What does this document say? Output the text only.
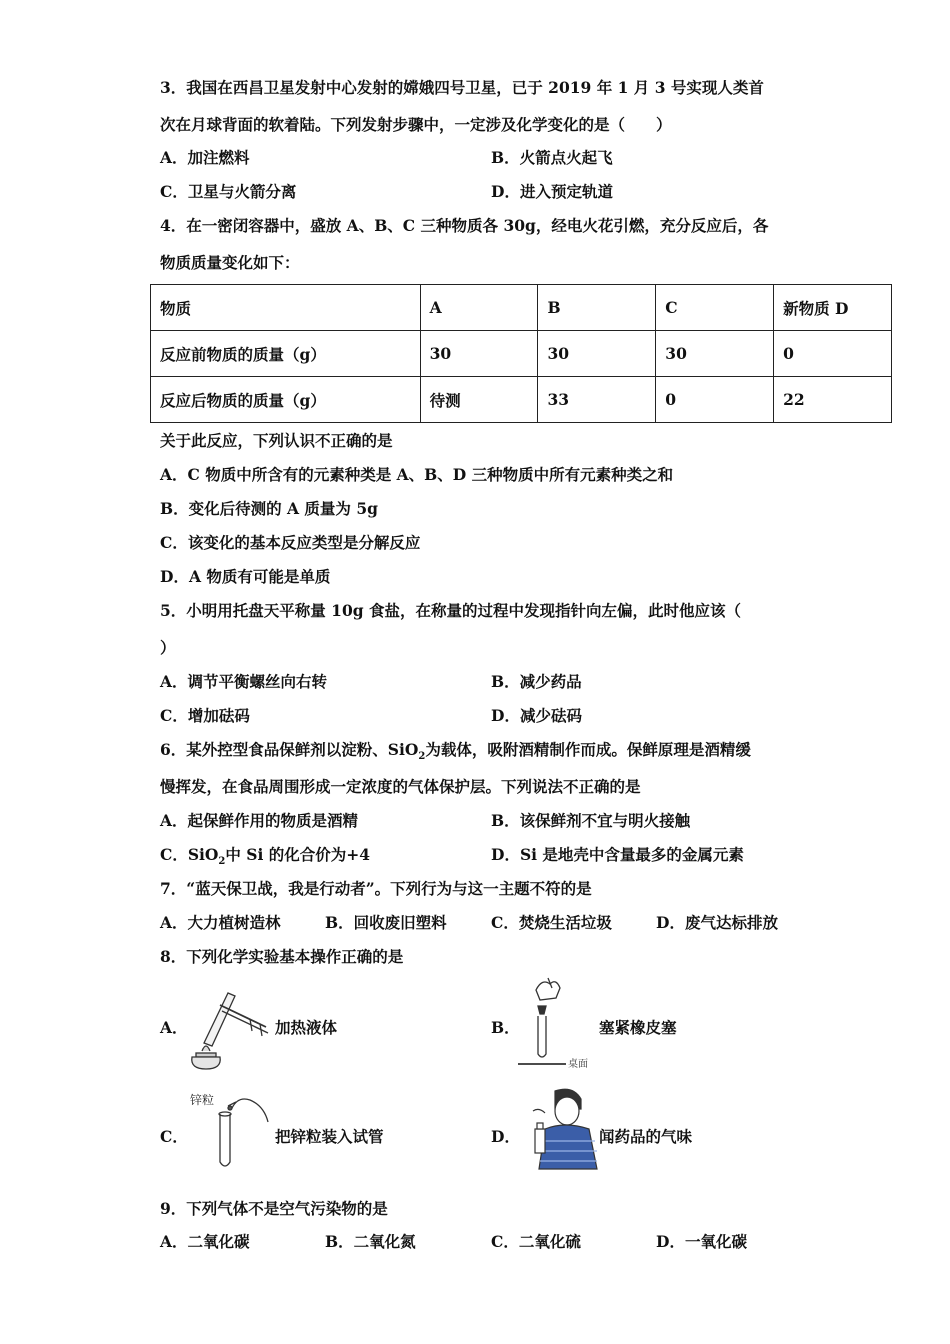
3．我国在西昌卫星发射中心发射的嫦娥四号卫星，已于 2019 年 1 月 3 号实现人类首
次在月球背面的软着陆。下列发射步骤中，一定涉及化学变化的是（　　）
A．加注燃料	B．火箭点火起飞
C．卫星与火箭分离	D．进入预定轨道
4．在一密闭容器中，盛放 A、B、C 三种物质各 30g，经电火花引燃，充分反应后，各
物质质量变化如下：
物质	A	B	C	新物质 D
反应前物质的质量（g）	30	30	30	0
反应后物质的质量（g）	待测	33	0	22
关于此反应，下列认识不正确的是
A．C 物质中所含有的元素种类是 A、B、D 三种物质中所有元素种类之和
B．变化后待测的 A 质量为 5g
C．该变化的基本反应类型是分解反应
D．A 物质有可能是单质
5．小明用托盘天平称量 10g 食盐，在称量的过程中发现指针向左偏，此时他应该（
）
A．调节平衡螺丝向右转	B．减少药品
C．增加砝码	D．减少砝码
6．某外控型食品保鲜剂以淀粉、SiO$_2$为载体，吸附酒精制作而成。保鲜原理是酒精缓
慢挥发，在食品周围形成一定浓度的气体保护层。下列说法不正确的是
A．起保鲜作用的物质是酒精	B．该保鲜剂不宜与明火接触
C．SiO$_2$中 Si 的化合价为+4	D．Si 是地壳中含量最多的金属元素
7．“蓝天保卫战，我是行动者”。下列行为与这一主题不符的是
A．大力植树造林	B．回收废旧塑料	C．焚烧生活垃圾	D．废气达标排放
8．下列化学实验基本操作正确的是
A．	加热液体	B．
桌面
塞紧橡皮塞
C．
锌粒
把锌粒装入试管	D．	闻药品的气味
9．下列气体不是空气污染物的是
A．二氧化碳	B．二氧化氮	C．二氧化硫	D．一氧化碳
